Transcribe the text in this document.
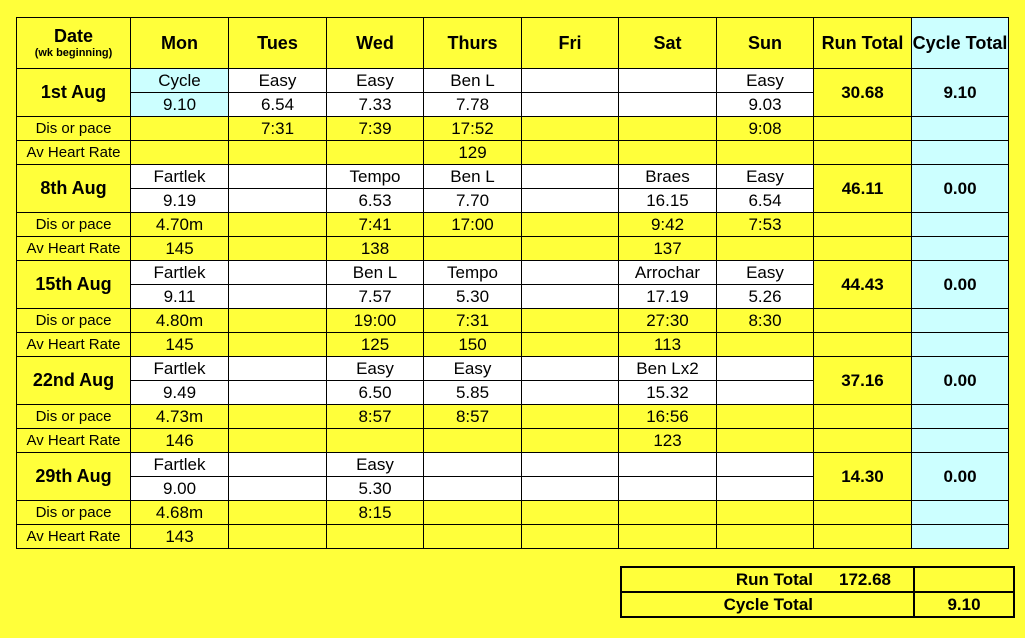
Date
(wk beginning)	Mon	Tues	Wed	Thurs	Fri	Sat	Sun	Run Total	Cycle Total
1st Aug	Cycle	Easy	Easy	Ben L			Easy	30.68	9.10
	9.10	6.54	7.33	7.78			9.03		
Dis or pace		7:31	7:39	17:52			9:08		
Av Heart Rate				129					
8th Aug	Fartlek		Tempo	Ben L		Braes	Easy	46.11	0.00
	9.19		6.53	7.70		16.15	6.54		
Dis or pace	4.70m		7:41	17:00		9:42	7:53		
Av Heart Rate	145		138			137			
15th Aug	Fartlek		Ben L	Tempo		Arrochar	Easy	44.43	0.00
	9.11		7.57	5.30		17.19	5.26		
Dis or pace	4.80m		19:00	7:31		27:30	8:30		
Av Heart Rate	145		125	150		113			
22nd Aug	Fartlek		Easy	Easy		Ben Lx2		37.16	0.00
	9.49		6.50	5.85		15.32			
Dis or pace	4.73m		8:57	8:57		16:56			
Av Heart Rate	146					123			
29th Aug	Fartlek		Easy					14.30	0.00
	9.00		5.30						
Dis or pace	4.68m		8:15						
Av Heart Rate	143								
Run Total	172.68	
Cycle Total		9.10
